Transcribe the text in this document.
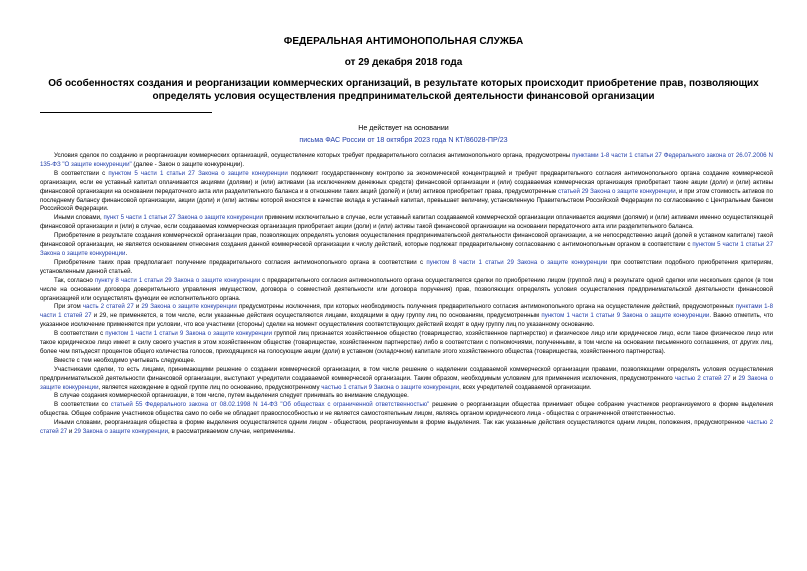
ФЕДЕРАЛЬНАЯ АНТИМОНОПОЛЬНАЯ СЛУЖБА
от 29 декабря 2018 года
Об особенностях создания и реорганизации коммерческих организаций, в результате которых происходит приобретение прав, позволяющих определять условия осуществления предпринимательской деятельности финансовой организации
Не действует на основании
письма ФАС России от 18 октября 2023 года N КТ/86028-ПР/23

Условия сделок по созданию и реорганизации коммерческих организаций, осуществление которых требует предварительного согласия антимонопольного органа, предусмотрены пунктами 1-8 части 1 статьи 27 Федерального закона от 26.07.2006 N 135-ФЗ "О защите конкуренции" (далее - Закон о защите конкуренции).

В соответствии с пунктом 5 части 1 статьи 27 Закона о защите конкуренции подлежит государственному контролю за экономической концентрацией и требует предварительного согласия антимонопольного органа создание коммерческой организации, если ее уставный капитал оплачивается акциями (долями) и (или) активами (за исключением денежных средств) финансовой организации и (или) создаваемая коммерческая организация приобретает такие акции (доли) и (или) активы финансовой организации на основании передаточного акта или разделительного баланса и в отношении таких акций (долей) и (или) активов приобретает права, предусмотренные статьей 29 Закона о защите конкуренции, и при этом стоимость активов по последнему балансу финансовой организации, акции (доли) и (или) активы которой вносятся в качестве вклада в уставный капитал, превышает величину, установленную Правительством Российской Федерации по согласованию с Центральным банком Российской Федерации.

Иными словами, пункт 5 части 1 статьи 27 Закона о защите конкуренции применим исключительно в случае, если уставный капитал создаваемой коммерческой организации оплачивается акциями (долями) и (или) активами именно осуществляющей финансовой организации и (или) в случае, если создаваемая коммерческая организация приобретает акции (доли) и (или) активы такой финансовой организации на основании передаточного акта или разделительного баланса.

Приобретение в результате создания коммерческой организации прав, позволяющих определять условия осуществления предпринимательской деятельности финансовой организации, а не непосредственно акций (долей в уставном капитале) такой финансовой организации, не является основанием отнесения создания данной коммерческой организации к числу действий, которые подлежат предварительному согласованию с антимонопольным органом в соответствии с пунктом 5 части 1 статьи 27 Закона о защите конкуренции.

Приобретение таких прав предполагает получение предварительного согласия антимонопольного органа в соответствии с пунктом 8 части 1 статьи 29 Закона о защите конкуренции при соответствии подобного приобретения критериям, установленным данной статьей.

Так, согласно пункту 8 части 1 статьи 29 Закона о защите конкуренции с предварительного согласия антимонопольного органа осуществляется сделки по приобретению лицом (группой лиц) в результате одной сделки или нескольких сделок (в том числе на основании договора доверительного управления имуществом, договора о совместной деятельности или договора поручения) прав, позволяющих определять условия осуществления предпринимательской деятельности финансовой организацией или осуществлять функции ее исполнительного органа.

При этом часть 2 статей 27 и 29 Закона о защите конкуренции предусмотрены исключения, при которых необходимость получения предварительного согласия антимонопольного органа на осуществление действий, предусмотренных пунктами 1-8 части 1 статей 27 и 29, не применяется, в том числе, если указанные действия осуществляются лицами, входящими в одну группу лиц по основаниям, предусмотренным пунктом 1 части 1 статьи 9 Закона о защите конкуренции. Важно отметить, что указанное исключение применяется при условии, что все участники (стороны) сделки на момент осуществления соответствующих действий входят в одну группу лиц по указанному основанию.

В соответствии с пунктом 1 части 1 статьи 9 Закона о защите конкуренции группой лиц признается хозяйственное общество (товарищество, хозяйственное партнерство) и физическое лицо или юридическое лицо, если такое физическое лицо или такое юридическое лицо имеет в силу своего участия в этом хозяйственном обществе (товариществе, хозяйственном партнерстве) либо в соответствии с полномочиями, полученными, в том числе на основании письменного соглашения, от других лиц, более чем пятьдесят процентов общего количества голосов, приходящихся на голосующие акции (доли) в уставном (складочном) капитале этого хозяйственного общества (товарищества, хозяйственного партнерства).

Вместе с тем необходимо учитывать следующее.

Участниками сделки, то есть лицами, принимающими решение о создании коммерческой организации, в том числе решение о наделении создаваемой коммерческой организации правами, позволяющими определять условия осуществления предпринимательской деятельности финансовой организации, выступают учредители создаваемой коммерческой организации. Таким образом, необходимым условием для применения исключения, предусмотренного частью 2 статей 27 и 29 Закона о защите конкуренции, является нахождение в одной группе лиц по основанию, предусмотренному частью 1 статьи 9 Закона о защите конкуренции, всех учредителей создаваемой организации.

В случае создания коммерческой организации, в том числе, путем выделения следует принимать во внимание следующее.

В соответствии со статьей 55 Федерального закона от 08.02.1998 N 14-ФЗ "Об обществах с ограниченной ответственностью" решение о реорганизации общества принимает общее собрание участников реорганизуемого в форме выделения общества. Общее собрание участников общества само по себе не обладает правоспособностью и не является самостоятельным лицом, являясь органом юридического лица - общества с ограниченной ответственностью.

Иными словами, реорганизация общества в форме выделения осуществляется одним лицом - обществом, реорганизуемым в форме выделения. Так как указанные действия осуществляются одним лицом, положения, предусмотренное частью 2 статей 27 и 29 Закона о защите конкуренции, в рассматриваемом случае, неприменимы.
